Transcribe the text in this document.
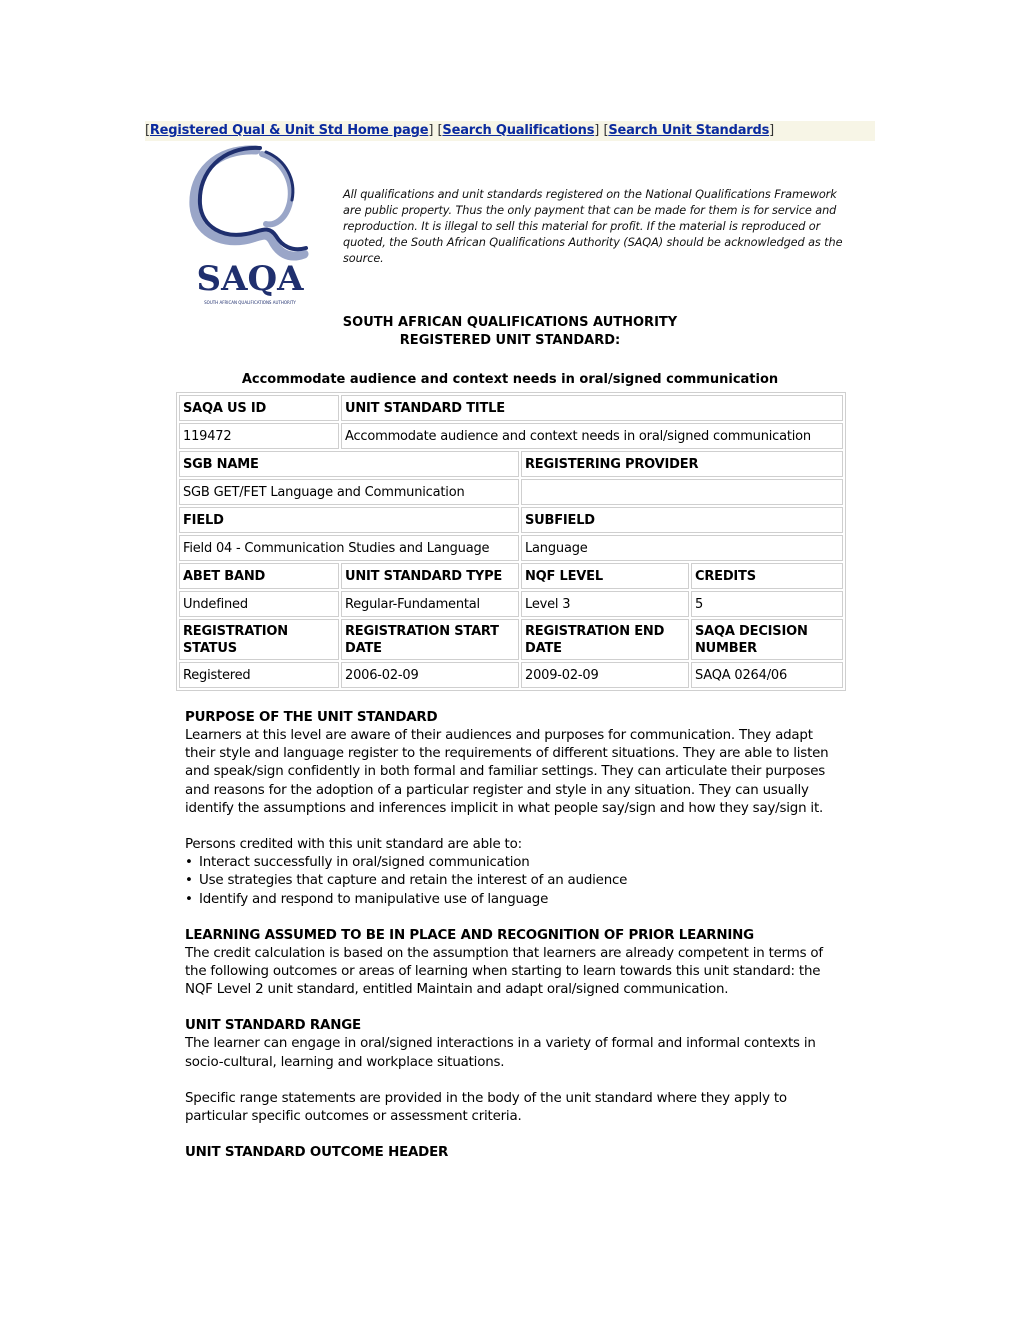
[Registered Qual & Unit Std Home page] [Search Qualifications] [Search Unit Standards]
SAQA
SOUTH AFRICAN QUALIFICATIONS AUTHORITY
All qualifications and unit standards registered on the National Qualifications Framework are public property. Thus the only payment that can be made for them is for service and reproduction. It is illegal to sell this material for profit. If the material is reproduced or quoted, the South African Qualifications Authority (SAQA) should be acknowledged as the source.
SOUTH AFRICAN QUALIFICATIONS AUTHORITY
REGISTERED UNIT STANDARD:
Accommodate audience and context needs in oral/signed communication
SAQA US ID	UNIT STANDARD TITLE		
119472	Accommodate audience and context needs in oral/signed communication		
SGB NAME		REGISTERING PROVIDER	
SGB GET/FET Language and Communication			
FIELD		SUBFIELD	
Field 04 - Communication Studies and Language		Language	
ABET BAND	UNIT STANDARD TYPE	NQF LEVEL	CREDITS
Undefined	Regular-Fundamental	Level 3	5
REGISTRATION STATUS	REGISTRATION START DATE	REGISTRATION END DATE	SAQA DECISION NUMBER
Registered	2006-02-09	2009-02-09	SAQA 0264/06
PURPOSE OF THE UNIT STANDARD

Learners at this level are aware of their audiences and purposes for communication. They adapt their style and language register to the requirements of different situations. They are able to listen and speak/sign confidently in both formal and familiar settings. They can articulate their purposes and reasons for the adoption of a particular register and style in any situation. They can usually identify the assumptions and inferences implicit in what people say/sign and how they say/sign it.

Persons credited with this unit standard are able to:

• Interact successfully in oral/signed communication
• Use strategies that capture and retain the interest of an audience
• Identify and respond to manipulative use of language
LEARNING ASSUMED TO BE IN PLACE AND RECOGNITION OF PRIOR LEARNING

The credit calculation is based on the assumption that learners are already competent in terms of the following outcomes or areas of learning when starting to learn towards this unit standard: the NQF Level 2 unit standard, entitled Maintain and adapt oral/signed communication.

UNIT STANDARD RANGE

The learner can engage in oral/signed interactions in a variety of formal and informal contexts in socio-cultural, learning and workplace situations.

Specific range statements are provided in the body of the unit standard where they apply to particular specific outcomes or assessment criteria.

UNIT STANDARD OUTCOME HEADER
